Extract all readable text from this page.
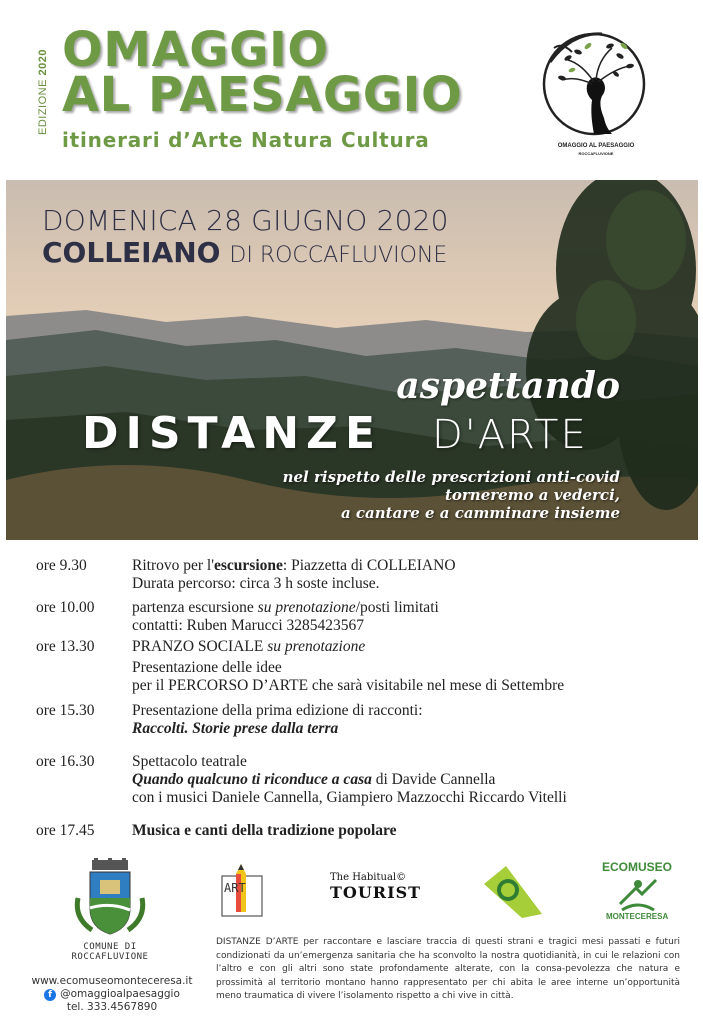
EDIZIONE 2020 OMAGGIO
AL PAESAGGIO
itinerari d’Arte Natura Cultura	OMAGGIO AL PAESAGGIO
ROCCAFLUVIONE
DOMENICA 28 GIUGNO 2020
COLLEIANO DI ROCCAFLUVIONE
aspettando
DISTANZE D'ARTE
nel rispetto delle prescrizioni anti-covid
torneremo a vederci,
a cantare e a camminare insieme
ore 9.30	Ritrovo per l'escursione: Piazzetta di COLLEIANO
Durata percorso: circa 3 h soste incluse.
ore 10.00	partenza escursione su prenotazione/posti limitati
contatti: Ruben Marucci 3285423567
ore 13.30	PRANZO SOCIALE su prenotazione
Presentazione delle idee
per il PERCORSO D’ARTE che sarà visitabile nel mese di Settembre
ore 15.30	Presentazione della prima edizione di racconti:
Raccolti. Storie prese dalla terra
ore 16.30	Spettacolo teatrale
Quando qualcuno ti riconduce a casa di Davide Cannella
con i musici Daniele Cannella, Giampiero Mazzocchi Riccardo Vitelli
ore 17.45	Musica e canti della tradizione popolare
COMUNE DI
ROCCAFLUVIONE
ART
The Habitual©
TOURIST
ECOMUSEO
MONTECERESA
www.ecomuseomonteceresa.it
f @omaggioalpaesaggio
tel. 333.4567890
DISTANZE D’ARTE per raccontare e lasciare traccia di questi strani e tragici mesi passati e futuri condizionati da un’emergenza sanitaria che ha sconvolto la nostra quotidianità, in cui le relazioni con l’altro e con gli altri sono state profondamente alterate, con la consa-pevolezza che natura e prossimità al territorio montano hanno rappresentato per chi abita le aree interne un’opportunità meno traumatica di vivere l’isolamento rispetto a chi vive in città.
